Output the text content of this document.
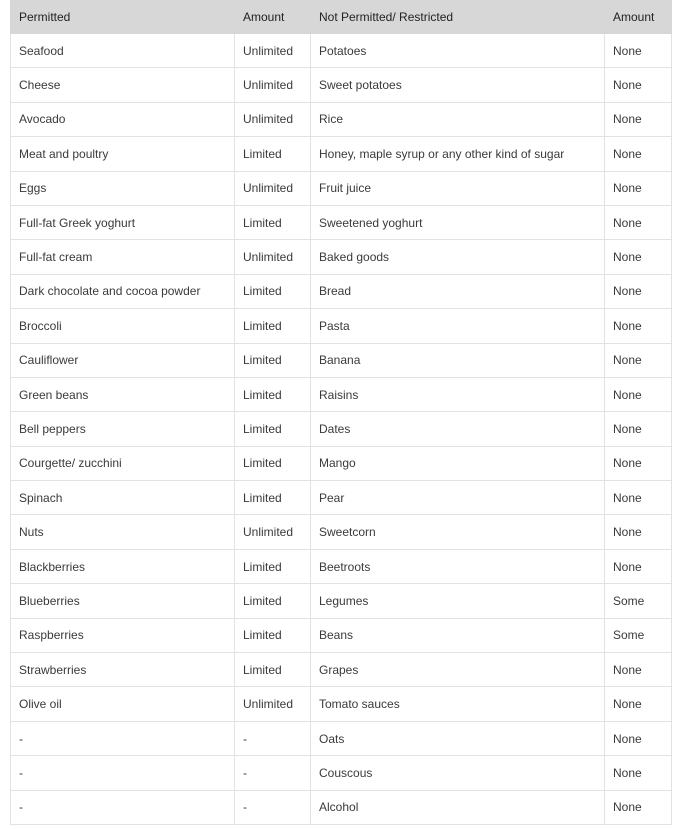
Permitted	Amount	Not Permitted/ Restricted	Amount
Seafood	Unlimited	Potatoes	None
Cheese	Unlimited	Sweet potatoes	None
Avocado	Unlimited	Rice	None
Meat and poultry	Limited	Honey, maple syrup or any other kind of sugar	None
Eggs	Unlimited	Fruit juice	None
Full-fat Greek yoghurt	Limited	Sweetened yoghurt	None
Full-fat cream	Unlimited	Baked goods	None
Dark chocolate and cocoa powder	Limited	Bread	None
Broccoli	Limited	Pasta	None
Cauliflower	Limited	Banana	None
Green beans	Limited	Raisins	None
Bell peppers	Limited	Dates	None
Courgette/ zucchini	Limited	Mango	None
Spinach	Limited	Pear	None
Nuts	Unlimited	Sweetcorn	None
Blackberries	Limited	Beetroots	None
Blueberries	Limited	Legumes	Some
Raspberries	Limited	Beans	Some
Strawberries	Limited	Grapes	None
Olive oil	Unlimited	Tomato sauces	None
-	-	Oats	None
-	-	Couscous	None
-	-	Alcohol	None
